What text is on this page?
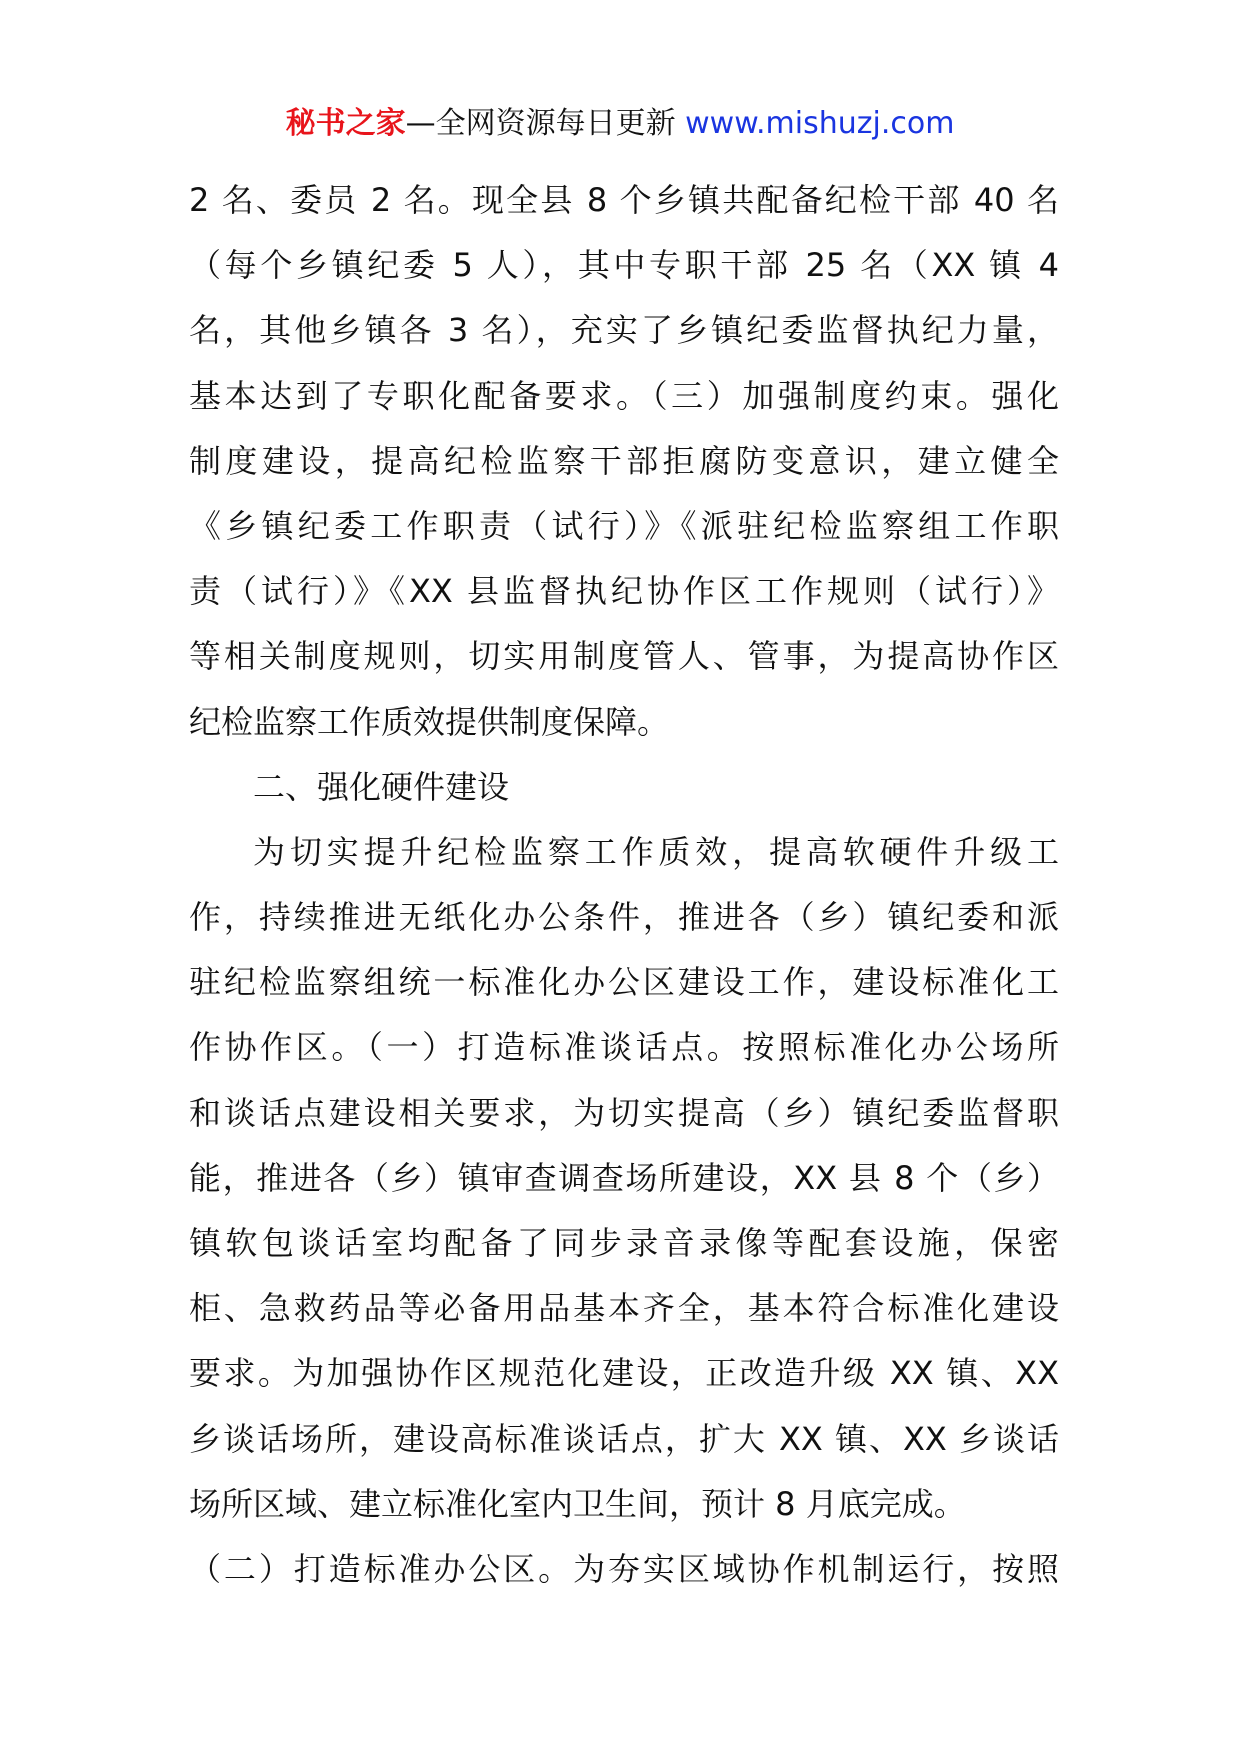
秘书之家—全网资源每日更新 www.mishuzj.com
2 名、委员 2 名。现全县 8 个乡镇共配备纪检干部 40 名
（每个乡镇纪委 5 人），其中专职干部 25 名（XX 镇 4
名，其他乡镇各 3 名），充实了乡镇纪委监督执纪力量，
基本达到了专职化配备要求。（三）加强制度约束。强化
制度建设，提高纪检监察干部拒腐防变意识，建立健全
《乡镇纪委工作职责（试行）》《派驻纪检监察组工作职
责（试行）》《XX 县监督执纪协作区工作规则（试行）》
等相关制度规则，切实用制度管人、管事，为提高协作区
纪检监察工作质效提供制度保障。
二、强化硬件建设
为切实提升纪检监察工作质效，提高软硬件升级工
作，持续推进无纸化办公条件，推进各（乡）镇纪委和派
驻纪检监察组统一标准化办公区建设工作，建设标准化工
作协作区。（一）打造标准谈话点。按照标准化办公场所
和谈话点建设相关要求，为切实提高（乡）镇纪委监督职
能，推进各（乡）镇审查调查场所建设，XX 县 8 个（乡）
镇软包谈话室均配备了同步录音录像等配套设施，保密
柜、急救药品等必备用品基本齐全，基本符合标准化建设
要求。为加强协作区规范化建设，正改造升级 XX 镇、XX
乡谈话场所，建设高标准谈话点，扩大 XX 镇、XX 乡谈话
场所区域、建立标准化室内卫生间，预计 8 月底完成。
（二）打造标准办公区。为夯实区域协作机制运行，按照
